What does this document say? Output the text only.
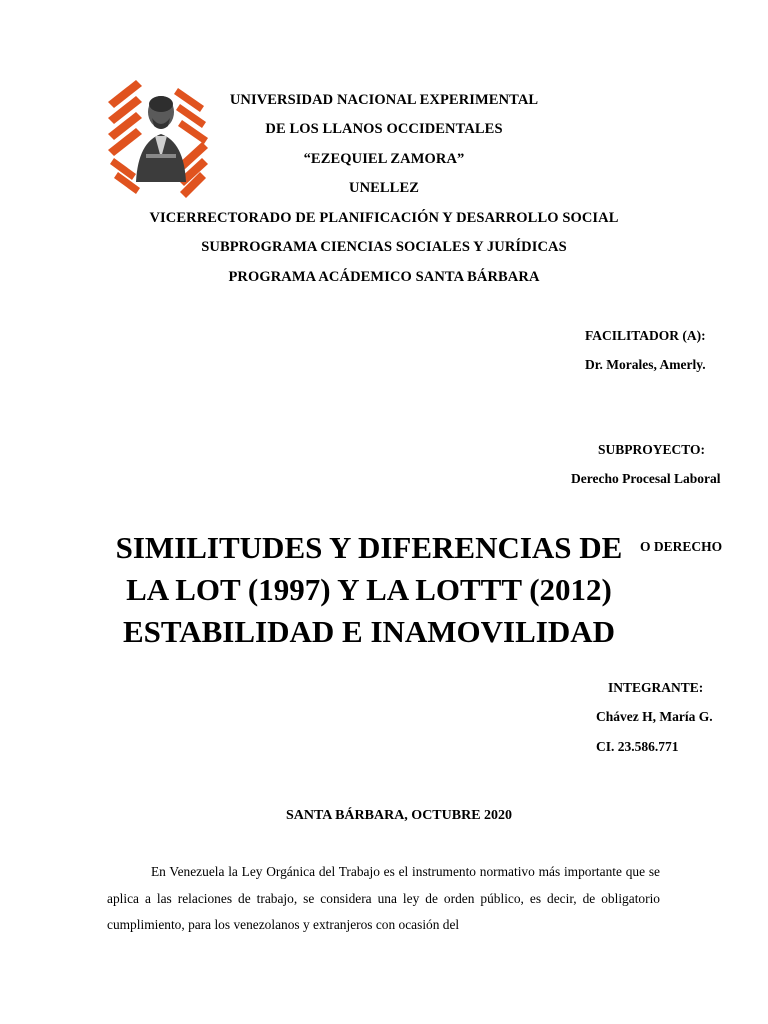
UNIVERSIDAD NACIONAL EXPERIMENTAL
DE LOS LLANOS OCCIDENTALES
“EZEQUIEL ZAMORA”
UNELLEZ
VICERRECTORADO DE PLANIFICACIÓN Y DESARROLLO SOCIAL
SUBPROGRAMA CIENCIAS SOCIALES Y JURÍDICAS
PROGRAMA ACÁDEMICO SANTA BÁRBARA
FACILITADOR (A):
Dr. Morales, Amerly.
SUBPROYECTO:
Derecho Procesal Laboral
O DERECHO
SIMILITUDES Y DIFERENCIAS DE
LA LOT (1997) Y LA LOTTT (2012)
ESTABILIDAD E INAMOVILIDAD
INTEGRANTE:
Chávez H, María G.
CI. 23.586.771
SANTA BÁRBARA, OCTUBRE 2020
En Venezuela la Ley Orgánica del Trabajo es el instrumento normativo más importante que se aplica a las relaciones de trabajo, se considera una ley de orden público, es decir, de obligatorio cumplimiento, para los venezolanos y extranjeros con ocasión del
